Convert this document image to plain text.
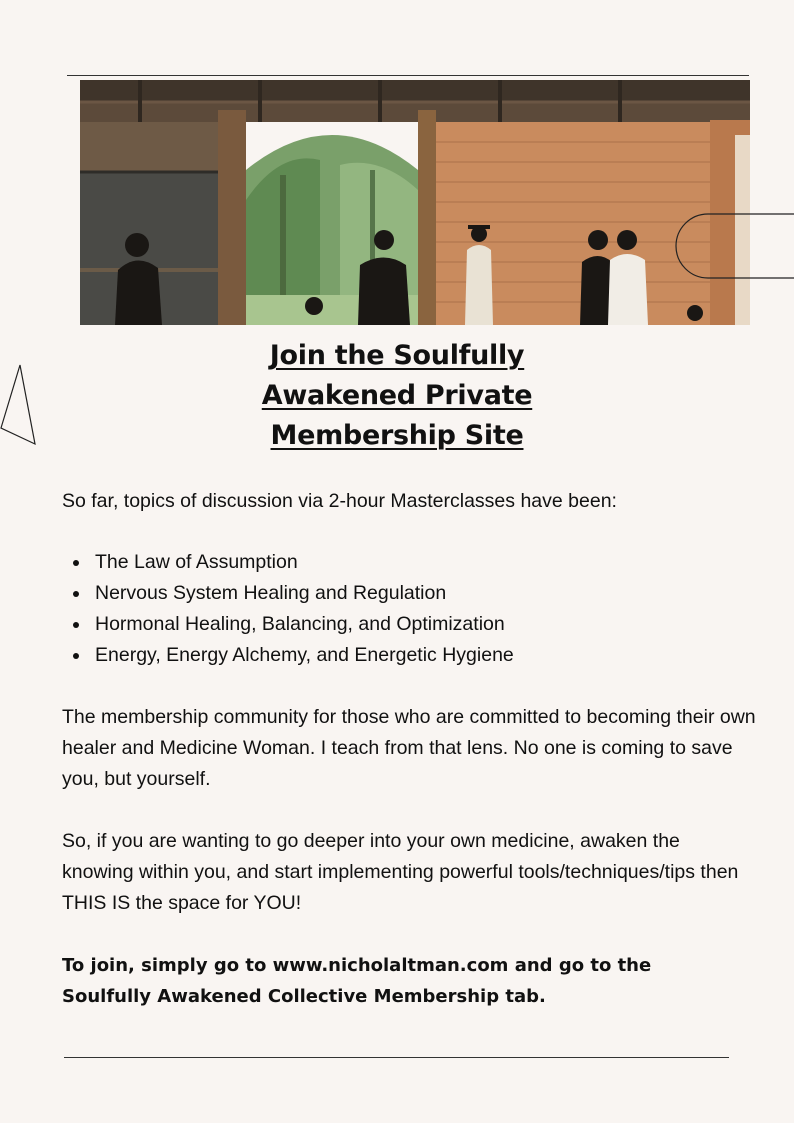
Join the Soulfully
Awakened Private
Membership Site

So far, topics of discussion via 2-hour Masterclasses have been:

The Law of Assumption
Nervous System Healing and Regulation
Hormonal Healing, Balancing, and Optimization
Energy, Energy Alchemy, and Energetic Hygiene

The membership community for those who are committed to becoming their own healer and Medicine Woman. I teach from that lens. No one is coming to save you, but yourself.

So, if you are wanting to go deeper into your own medicine, awaken the knowing within you, and start implementing powerful tools/techniques/tips then THIS IS the space for YOU!

To join, simply go to www.nicholaltman.com and go to the Soulfully Awakened Collective Membership tab.
